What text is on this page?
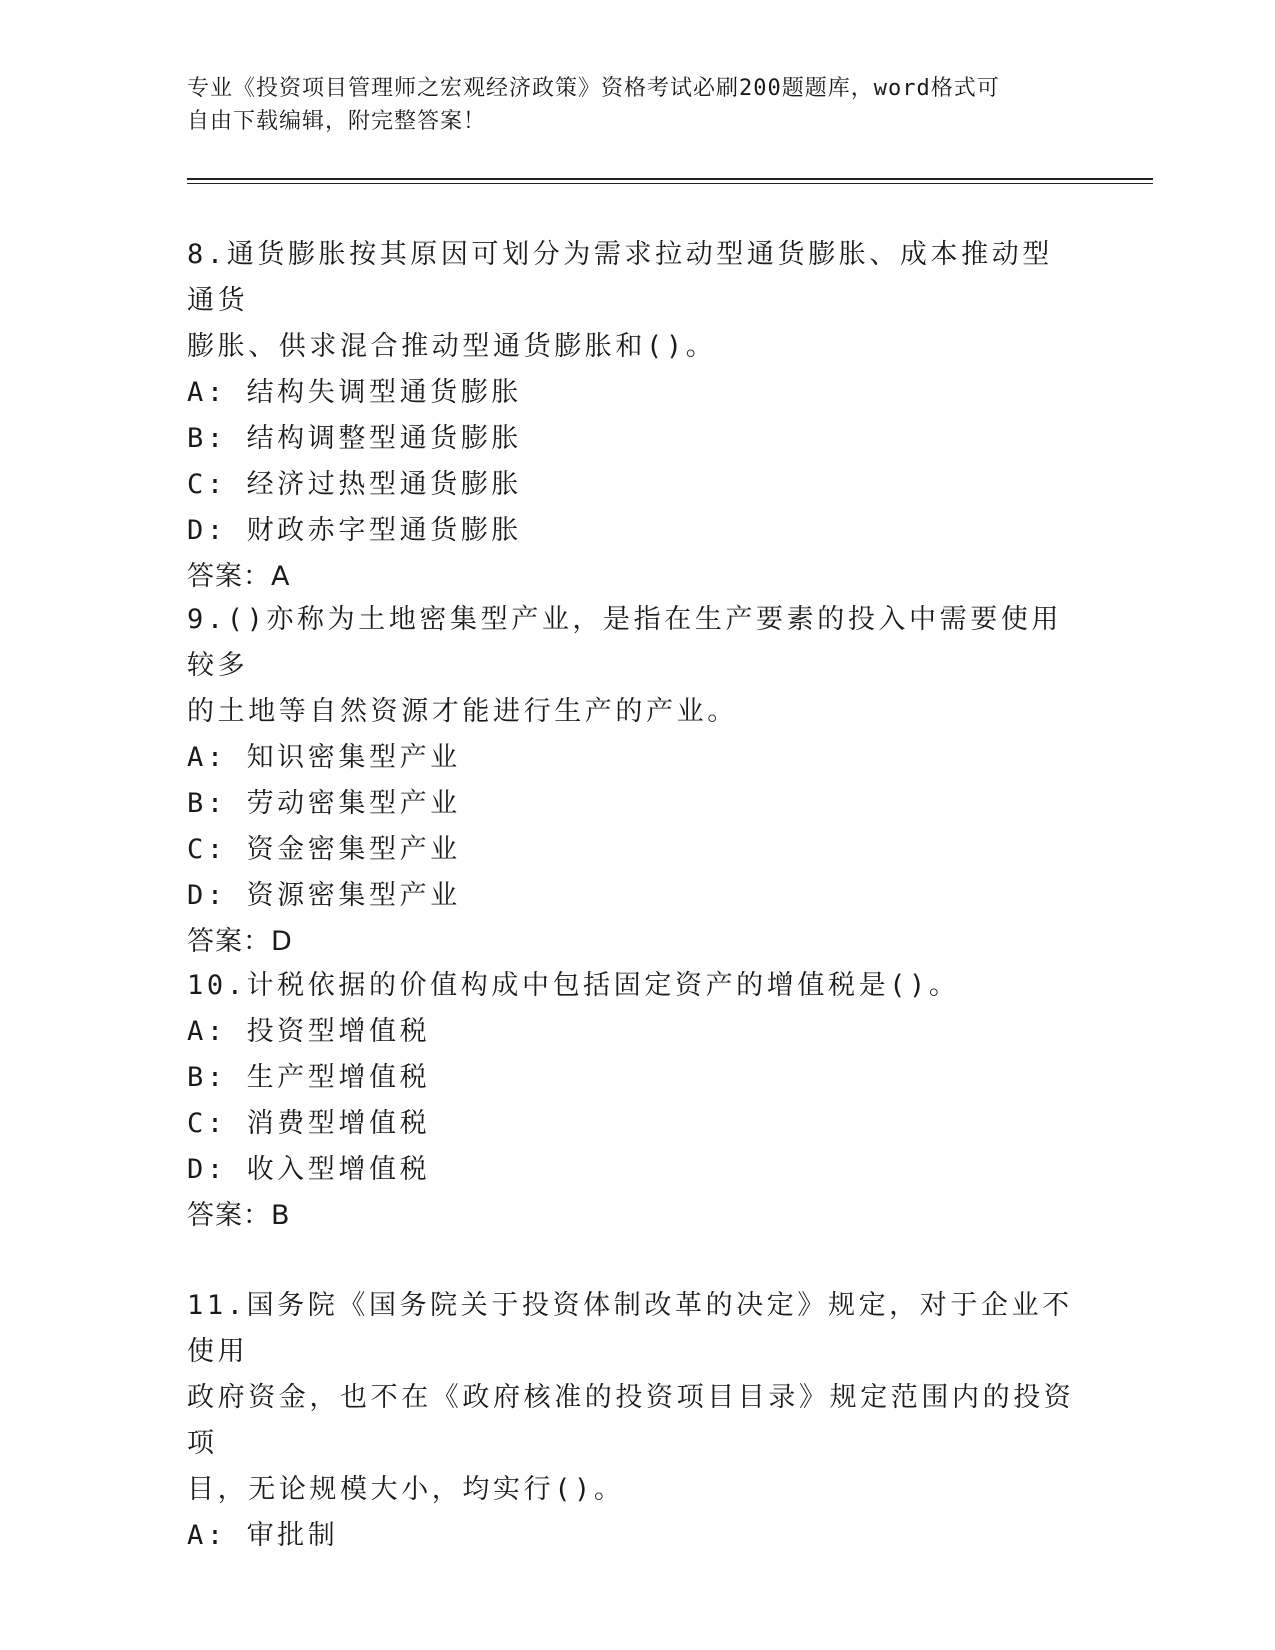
专业《投资项目管理师之宏观经济政策》资格考试必刷200题题库，word格式可
自由下载编辑，附完整答案！

8.通货膨胀按其原因可划分为需求拉动型通货膨胀、成本推动型通货

膨胀、供求混合推动型通货膨胀和()。

A: 结构失调型通货膨胀

B: 结构调整型通货膨胀

C: 经济过热型通货膨胀

D: 财政赤字型通货膨胀

答案：A

9.()亦称为土地密集型产业，是指在生产要素的投入中需要使用较多

的土地等自然资源才能进行生产的产业。

A: 知识密集型产业

B: 劳动密集型产业

C: 资金密集型产业

D: 资源密集型产业

答案：D

10.计税依据的价值构成中包括固定资产的增值税是()。

A: 投资型增值税

B: 生产型增值税

C: 消费型增值税

D: 收入型增值税

答案：B

11.国务院《国务院关于投资体制改革的决定》规定，对于企业不使用

政府资金，也不在《政府核准的投资项目目录》规定范围内的投资项

目，无论规模大小，均实行()。

A: 审批制
